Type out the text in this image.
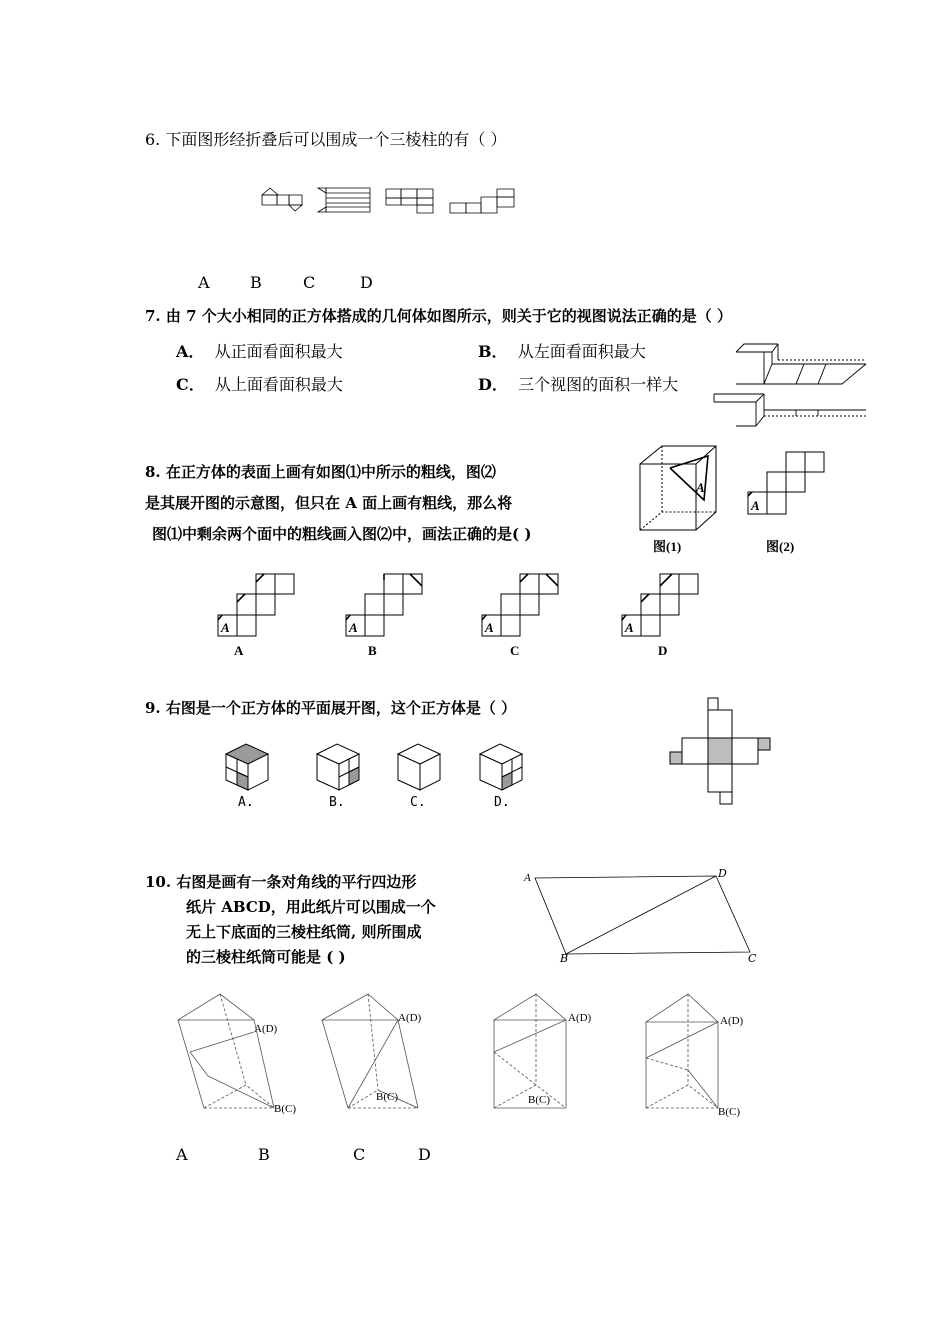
6. 下面图形经折叠后可以围成一个三棱柱的有（ ）
A	B	C	D
7. 由 7 个大小相同的正方体搭成的几何体如图所示，则关于它的视图说法正确的是（ ）
A． 从正面看面积最大	B． 从左面看面积最大
C． 从上面看面积最大	D． 三个视图的面积一样大
8. 在正方体的表面上画有如图⑴中所示的粗线，图⑵
是其展开图的示意图，但只在 A 面上画有粗线，那么将
图⑴中剩余两个面中的粗线画入图⑵中，画法正确的是( )
A
图(1)
A
图(2)
A	A	A	A
A	B	C	D
9. 右图是一个正方体的平面展开图，这个正方体是（ ）
A.	B.	C.	D.
10. 右图是画有一条对角线的平行四边形
纸片 ABCD，用此纸片可以围成一个
无上下底面的三棱柱纸筒, 则所围成
的三棱柱纸筒可能是 ( )
A	D
B	C
A(D)
B(C)
A(D)
B(C)
A(D)
B(C)
A(D)
B(C)
A	B	C	D
